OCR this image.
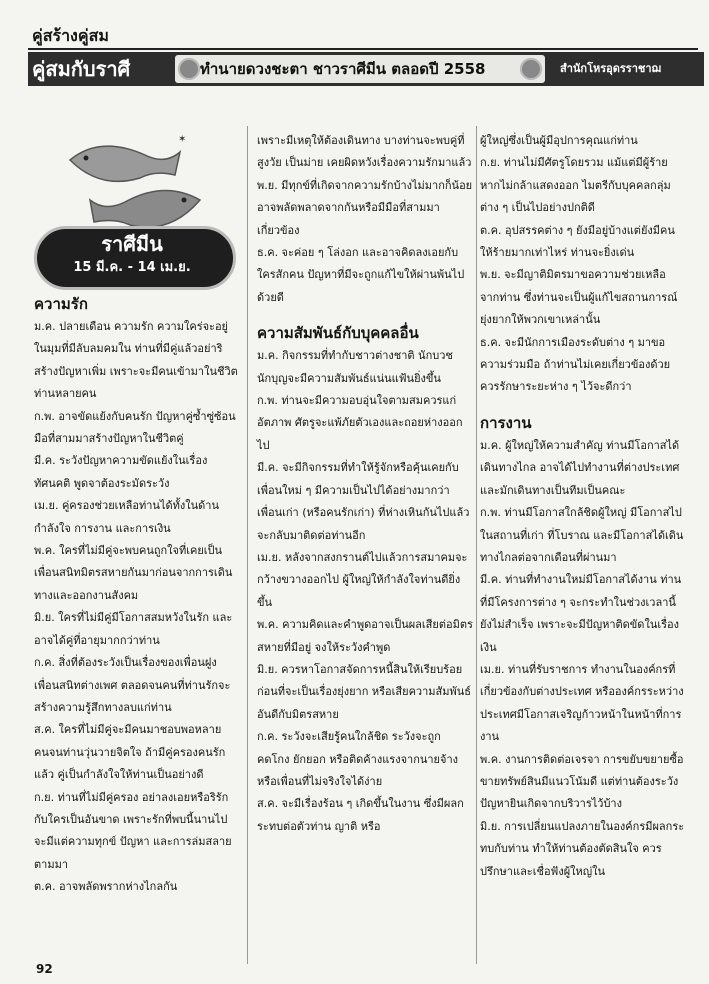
คู่สร้างคู่สม
คู่สมกับราศี	ทำนายดวงชะตา ชาวราศีมีน ตลอดปี 2558	สำนักโหรอุดรราชาฌ
✶
ราศีมีน
15 มี.ค. - 14 เม.ย.
ความรัก

ม.ค. ปลายเดือน ความรัก ความใคร่จะอยู่ในมุมที่มีลับลมคมใน ท่านที่มีคู่แล้วอย่าริสร้างปัญหาเพิ่ม เพราะจะมีคนเข้ามาในชีวิตท่านหลายคน

ก.พ. อาจขัดแย้งกับคนรัก ปัญหาคู่ซ้ำซู่ซ้อน มือที่สามมาสร้างปัญหาในชีวิตคู่

มี.ค. ระวังปัญหาความขัดแย้งในเรื่องทัศนคติ พูดจาต้องระมัดระวัง

เม.ย. คู่ครองช่วยเหลือท่านได้ทั้งในด้านกำลังใจ การงาน และการเงิน

พ.ค. ใครที่ไม่มีคู่จะพบคนถูกใจที่เคยเป็นเพื่อนสนิทมิตรสหายกันมาก่อนจากการเดินทางและออกงานสังคม

มิ.ย. ใครที่ไม่มีคู่มีโอกาสสมหวังในรัก และอาจได้คู่ที่อายุมากกว่าท่าน

ก.ค. สิ่งที่ต้องระวังเป็นเรื่องของเพื่อนฝูง เพื่อนสนิทต่างเพศ ตลอดจนคนที่ท่านรักจะสร้างความรู้สึกทางลบแก่ท่าน

ส.ค. ใครที่ไม่มีคู่จะมีคนมาชอบพอหลายคนจนท่านวุ่นวายจิตใจ ถ้ามีคู่ครองคนรักแล้ว คู่เป็นกำลังใจให้ท่านเป็นอย่างดี

ก.ย. ท่านที่ไม่มีคู่ครอง อย่าลงเอยหรือริรักกับใครเป็นอันขาด เพราะรักที่พบนี้นานไปจะมีแต่ความทุกข์ ปัญหา และการล่มสลายตามมา

ต.ค. อาจพลัดพรากห่างไกลกัน

เพราะมีเหตุให้ต้องเดินทาง บางท่านจะพบคู่ที่สูงวัย เป็นม่าย เคยผิดหวังเรื่องความรักมาแล้ว

พ.ย. มีทุกข์ที่เกิดจากความรักบ้างไม่มากก็น้อย อาจพลัดพลาดจากกันหรือมีมือที่สามมาเกี่ยวข้อง

ธ.ค. จะค่อย ๆ โล่งอก และอาจคิดลงเอยกับใครสักคน ปัญหาที่มีจะถูกแก้ไขให้ผ่านพ้นไปด้วยดี

ความสัมพันธ์กับบุคคลอื่น

ม.ค. กิจกรรมที่ทำกับชาวต่างชาติ นักบวช นักบุญจะมีความสัมพันธ์แน่นแฟ้นยิ่งขึ้น

ก.พ. ท่านจะมีความอบอุ่นใจตามสมควรแก่อัตภาพ ศัตรูจะแพ้ภัยตัวเองและถอยห่างออกไป

มี.ค. จะมีกิจกรรมที่ทำให้รู้จักหรือคุ้นเคยกับเพื่อนใหม่ ๆ มีความเป็นไปได้อย่างมากว่าเพื่อนเก่า (หรือคนรักเก่า) ที่ห่างเหินกันไปแล้วจะกลับมาติดต่อท่านอีก

เม.ย. หลังจากสงกรานต์ไปแล้วการสมาคมจะกว้างขวางออกไป ผู้ใหญ่ให้กำลังใจท่านดียิ่งขึ้น

พ.ค. ความคิดและคำพูดอาจเป็นผลเสียต่อมิตรสหายที่มีอยู่ จงให้ระวังคำพูด

มิ.ย. ควรหาโอกาสจัดการหนี้สินให้เรียบร้อยก่อนที่จะเป็นเรื่องยุ่งยาก หรือเสียความสัมพันธ์อันดีกับมิตรสหาย

ก.ค. ระวังจะเสียรู้คนใกล้ชิด ระวังจะถูกคดโกง ยักยอก หรือติดค้างแรงจากนายจ้างหรือเพื่อนที่ไม่จริงใจได้ง่าย

ส.ค. จะมีเรื่องร้อน ๆ เกิดขึ้นในงาน ซึ่งมีผลกระทบต่อตัวท่าน ญาติ หรือ

ผู้ใหญ่ซึ่งเป็นผู้มีอุปการคุณแก่ท่าน

ก.ย. ท่านไม่มีศัตรูโดยรวม แม้แต่มีผู้ร้ายหากไม่กล้าแสดงออก ไมตรีกับบุคคลกลุ่มต่าง ๆ เป็นไปอย่างปกติดี

ต.ค. อุปสรรคต่าง ๆ ยังมีอยู่บ้างแต่ยังมีคนให้ร้ายมากเท่าไหร่ ท่านจะยิ่งเด่น

พ.ย. จะมีญาติมิตรมาขอความช่วยเหลือจากท่าน ซึ่งท่านจะเป็นผู้แก้ไขสถานการณ์ยุ่งยากให้พวกเขาเหล่านั้น

ธ.ค. จะมีนักการเมืองระดับต่าง ๆ มาขอความร่วมมือ ถ้าท่านไม่เคยเกี่ยวข้องด้วย ควรรักษาระยะห่าง ๆ ไว้จะดีกว่า

การงาน

ม.ค. ผู้ใหญ่ให้ความสำคัญ ท่านมีโอกาสได้เดินทางไกล อาจได้ไปทำงานที่ต่างประเทศและมักเดินทางเป็นทีมเป็นคณะ

ก.พ. ท่านมีโอกาสใกล้ชิดผู้ใหญ่ มีโอกาสไปในสถานที่เก่า ที่โบราณ และมีโอกาสได้เดินทางไกลต่อจากเดือนที่ผ่านมา

มี.ค. ท่านที่ทำงานใหม่มีโอกาสได้งาน ท่านที่มีโครงการต่าง ๆ จะกระทำในช่วงเวลานี้ยังไม่สำเร็จ เพราะจะมีปัญหาติดขัดในเรื่องเงิน

เม.ย. ท่านที่รับราชการ ทำงานในองค์กรที่เกี่ยวข้องกับต่างประเทศ หรือองค์กรระหว่างประเทศมีโอกาสเจริญก้าวหน้าในหน้าที่การงาน

พ.ค. งานการติดต่อเจรจา การขยับขยายซื้อขายทรัพย์สินมีแนวโน้มดี แต่ท่านต้องระวังปัญหายินเกิดจากบริวารไว้บ้าง

มิ.ย. การเปลี่ยนแปลงภายในองค์กรมีผลกระทบกับท่าน ทำให้ท่านต้องตัดสินใจ ควรปรึกษาและเชื่อฟังผู้ใหญ่ใน

92
